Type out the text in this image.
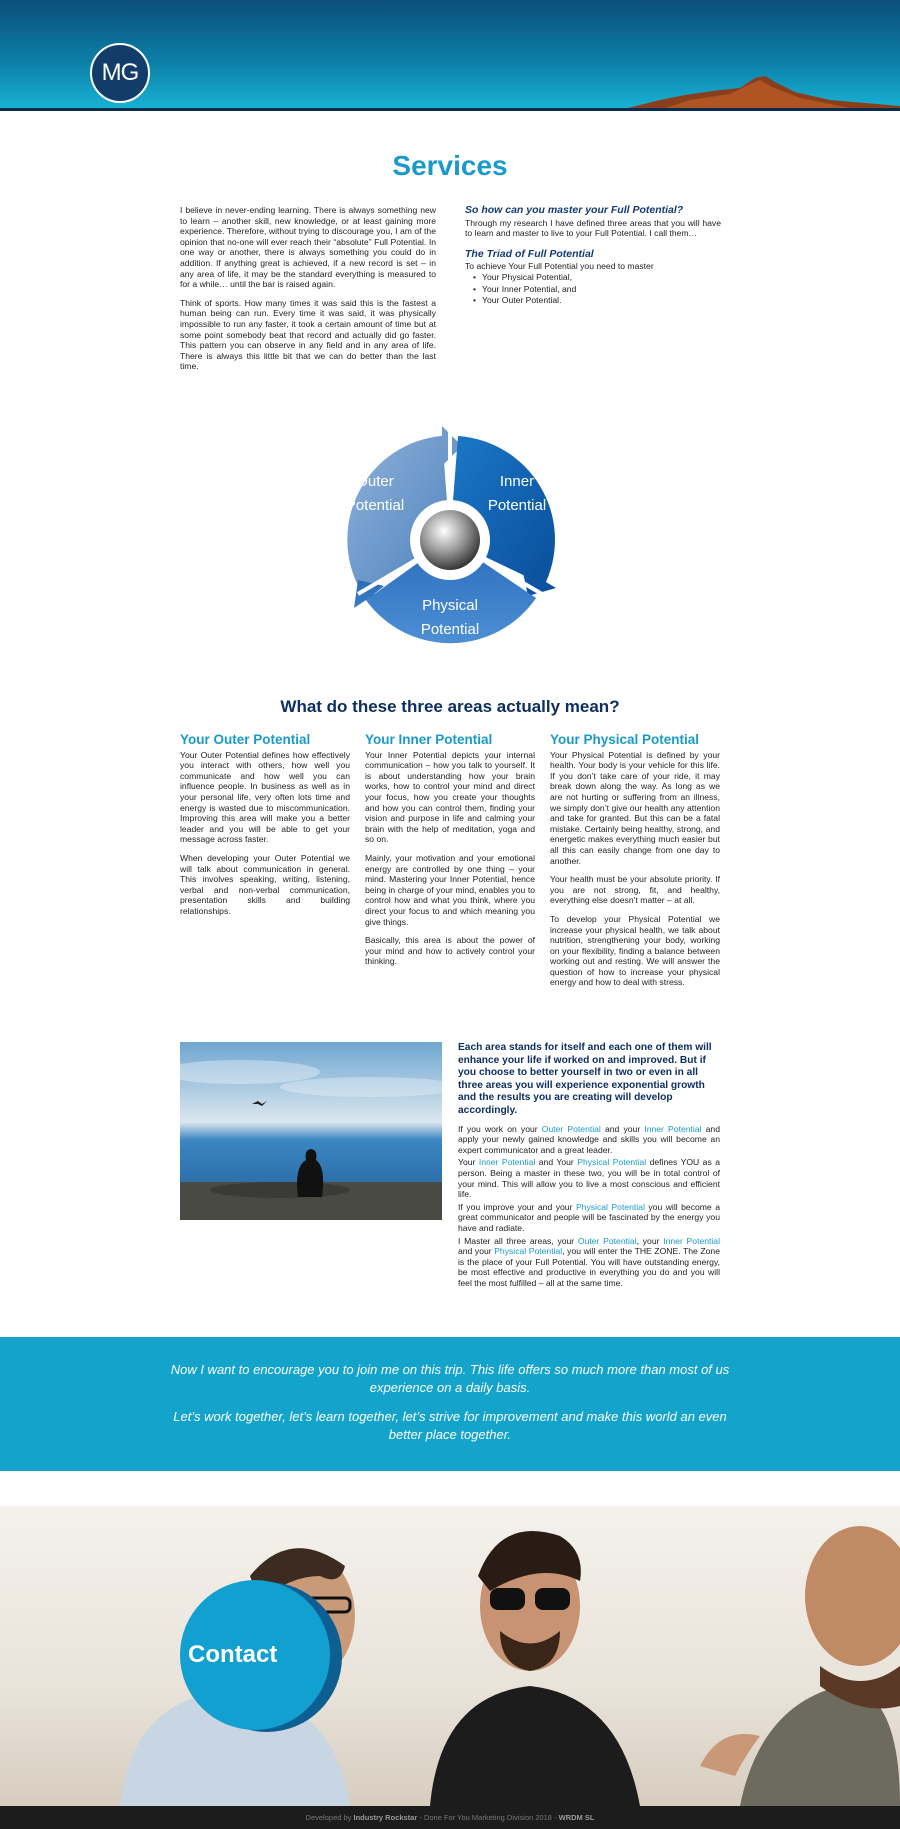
MG
Services

I believe in never-ending learning. There is always something new to learn – another skill, new knowledge, or at least gaining more experience. Therefore, without trying to discourage you, I am of the opinion that no-one will ever reach their “absolute” Full Potential. In one way or another, there is always something you could do in addition. If anything great is achieved, if a new record is set – in any area of life, it may be the standard everything is measured to for a while… until the bar is raised again.

Think of sports. How many times it was said this is the fastest a human being can run. Every time it was said, it was physically impossible to run any faster, it took a certain amount of time but at some point somebody beat that record and actually did go faster. This pattern you can observe in any field and in any area of life. There is always this little bit that we can do better than the last time.

So how can you master your Full Potential?

Through my research I have defined three areas that you will have to learn and master to live to your Full Potential. I call them…

The Triad of Full Potential
To achieve Your Full Potential you need to master
• Your Physical Potential,
• Your Inner Potential, and
• Your Outer Potential.
Outer
Potential
Inner
Potential
Physical
Potential
What do these three areas actually mean?
Your Outer Potential

Your Outer Potential defines how effectively you interact with others, how well you communicate and how well you can influence people. In business as well as in your personal life, very often lots time and energy is wasted due to miscommunication. Improving this area will make you a better leader and you will be able to get your message across faster.

When developing your Outer Potential we will talk about communication in general. This involves speaking, writing, listening, verbal and non-verbal communication, presentation skills and building relationships.

Your Inner Potential

Your Inner Potential depicts your internal communication – how you talk to yourself. It is about understanding how your brain works, how to control your mind and direct your focus, how you create your thoughts and how you can control them, finding your vision and purpose in life and calming your brain with the help of meditation, yoga and so on.

Mainly, your motivation and your emotional energy are controlled by one thing – your mind. Mastering your Inner Potential, hence being in charge of your mind, enables you to control how and what you think, where you direct your focus to and which meaning you give things.

Basically, this area is about the power of your mind and how to actively control your thinking.

Your Physical Potential

Your Physical Potential is defined by your health. Your body is your vehicle for this life. If you don’t take care of your ride, it may break down along the way. As long as we are not hurting or suffering from an illness, we simply don’t give our health any attention and take for granted. But this can be a fatal mistake. Certainly being healthy, strong, and energetic makes everything much easier but all this can easily change from one day to another.

Your health must be your absolute priority. If you are not strong, fit, and healthy, everything else doesn’t matter – at all.

To develop your Physical Potential we increase your physical health, we talk about nutrition, strengthening your body, working on your flexibility, finding a balance between working out and resting. We will answer the question of how to increase your physical energy and how to deal with stress.

Each area stands for itself and each one of them will enhance your life if worked on and improved. But if you choose to better yourself in two or even in all three areas you will experience exponential growth and the results you are creating will develop accordingly.

If you work on your Outer Potential and your Inner Potential and apply your newly gained knowledge and skills you will become an expert communicator and a great leader.

Your Inner Potential and Your Physical Potential defines YOU as a person. Being a master in these two, you will be in total control of your mind. This will allow you to live a most conscious and efficient life.

If you improve your and your Physical Potential you will become a great communicator and people will be fascinated by the energy you have and radiate.

I Master all three areas, your Outer Potential, your Inner Potential and your Physical Potential, you will enter the THE ZONE. The Zone is the place of your Full Potential. You will have outstanding energy, be most effective and productive in everything you do and you will feel the most fulfilled – all at the same time.

Now I want to encourage you to join me on this trip. This life offers so much more than most of us experience on a daily basis.

Let’s work together, let’s learn together, let’s strive for improvement and make this world an even better place together.

Contact
Developed by Industry Rockstar - Done For You Marketing Division 2018 - WRDM SL
